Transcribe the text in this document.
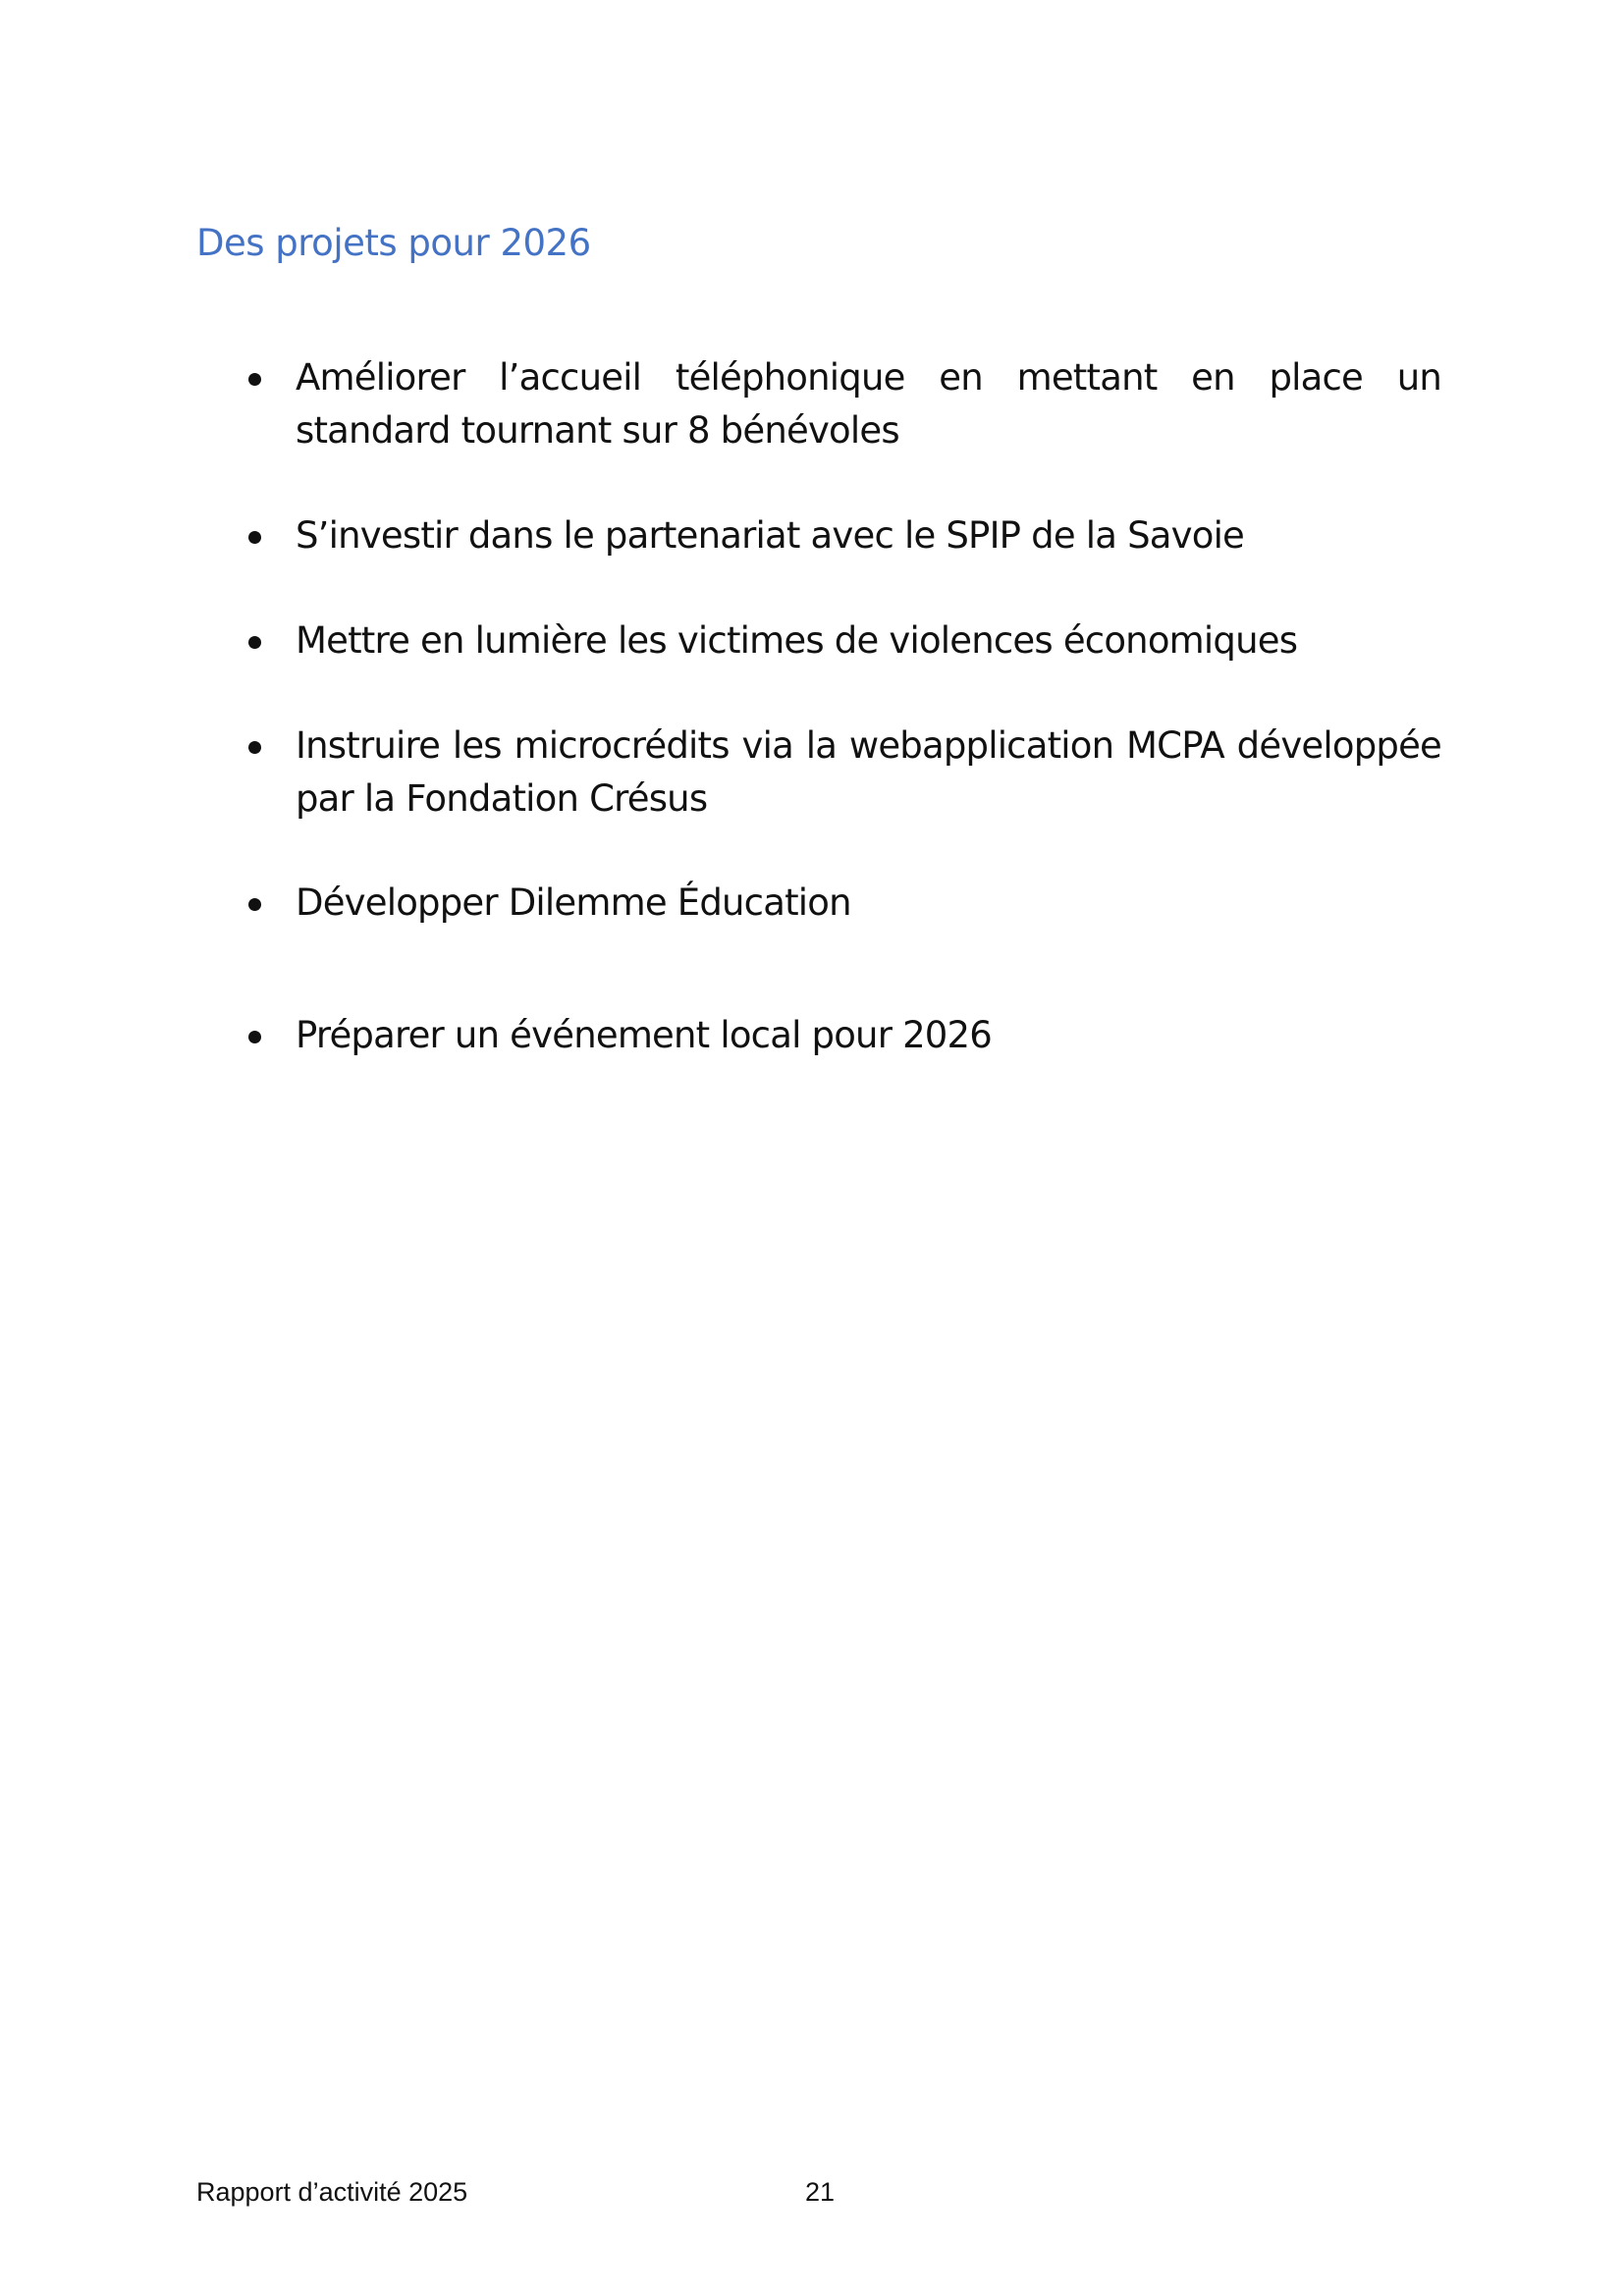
Des projets pour 2026
Améliorer l’accueil téléphonique en mettant en place un standard tournant sur 8 bénévoles
S’investir dans le partenariat avec le SPIP de la Savoie
Mettre en lumière les victimes de violences économiques
Instruire les microcrédits via la webapplication MCPA développée par la Fondation Crésus
Développer Dilemme Éducation
Préparer un événement local pour 2026
Rapport d’activité 2025	21
